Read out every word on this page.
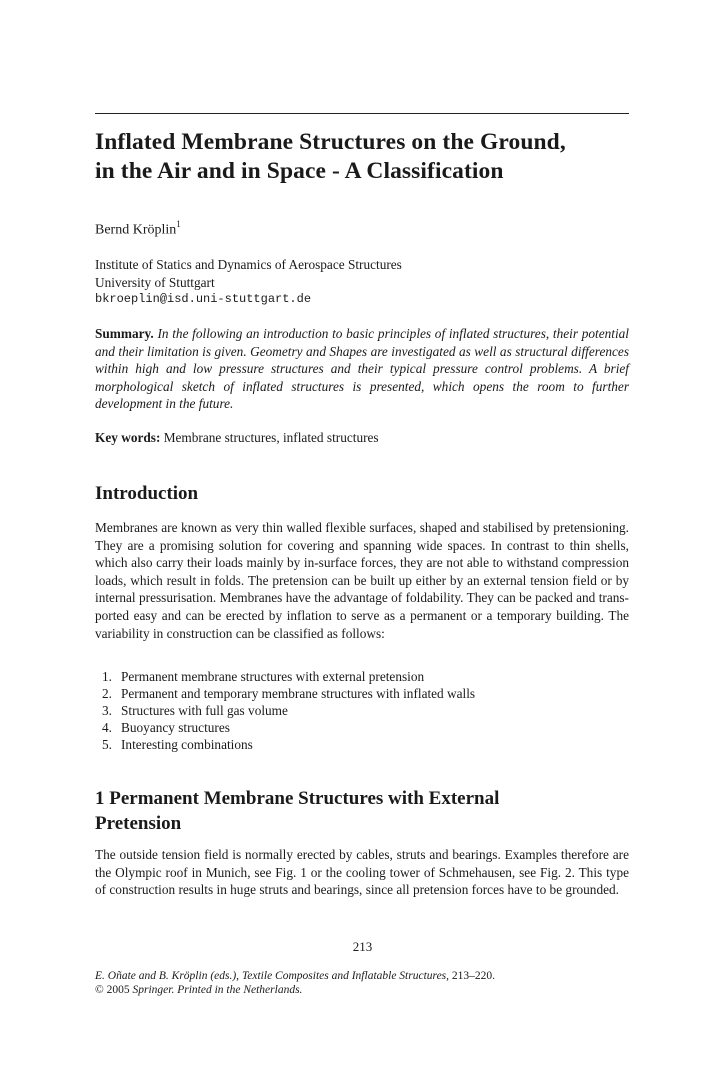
Inflated Membrane Structures on the Ground,
in the Air and in Space - A Classification
Bernd Kröplin$^1$
Institute of Statics and Dynamics of Aerospace Structures
University of Stuttgart
bkroeplin@isd.uni-stuttgart.de
Summary. In the following an introduction to basic principles of inflated structures, their potential and their limitation is given. Geometry and Shapes are investigated as well as structural differences within high and low pressure structures and their typical pressure control problems. A brief morphological sketch of inflated structures is presented, which opens the room to further development in the future.
Key words: Membrane structures, inflated structures
Introduction
Membranes are known as very thin walled flexible surfaces, shaped and stabilised by pretensioning. They are a promising solution for covering and spanning wide spaces. In contrast to thin shells, which also carry their loads mainly by in-surface forces, they are not able to withstand compression loads, which result in folds. The pretension can be built up either by an external tension field or by internal pressurisation. Membranes have the advantage of foldability. They can be packed and trans- ported easy and can be erected by inflation to serve as a permanent or a temporary building. The variability in construction can be classified as follows:
1. Permanent membrane structures with external pretension
2. Permanent and temporary membrane structures with inflated walls
3. Structures with full gas volume
4. Buoyancy structures
5. Interesting combinations
1 Permanent Membrane Structures with External
Pretension
The outside tension field is normally erected by cables, struts and bearings. Examples therefore are the Olympic roof in Munich, see Fig. 1 or the cooling tower of Schmehausen, see Fig. 2. This type of construction results in huge struts and bearings, since all pretension forces have to be grounded.
213
E. Oñate and B. Kröplin (eds.), Textile Composites and Inflatable Structures, 213–220.
© 2005 Springer. Printed in the Netherlands.
